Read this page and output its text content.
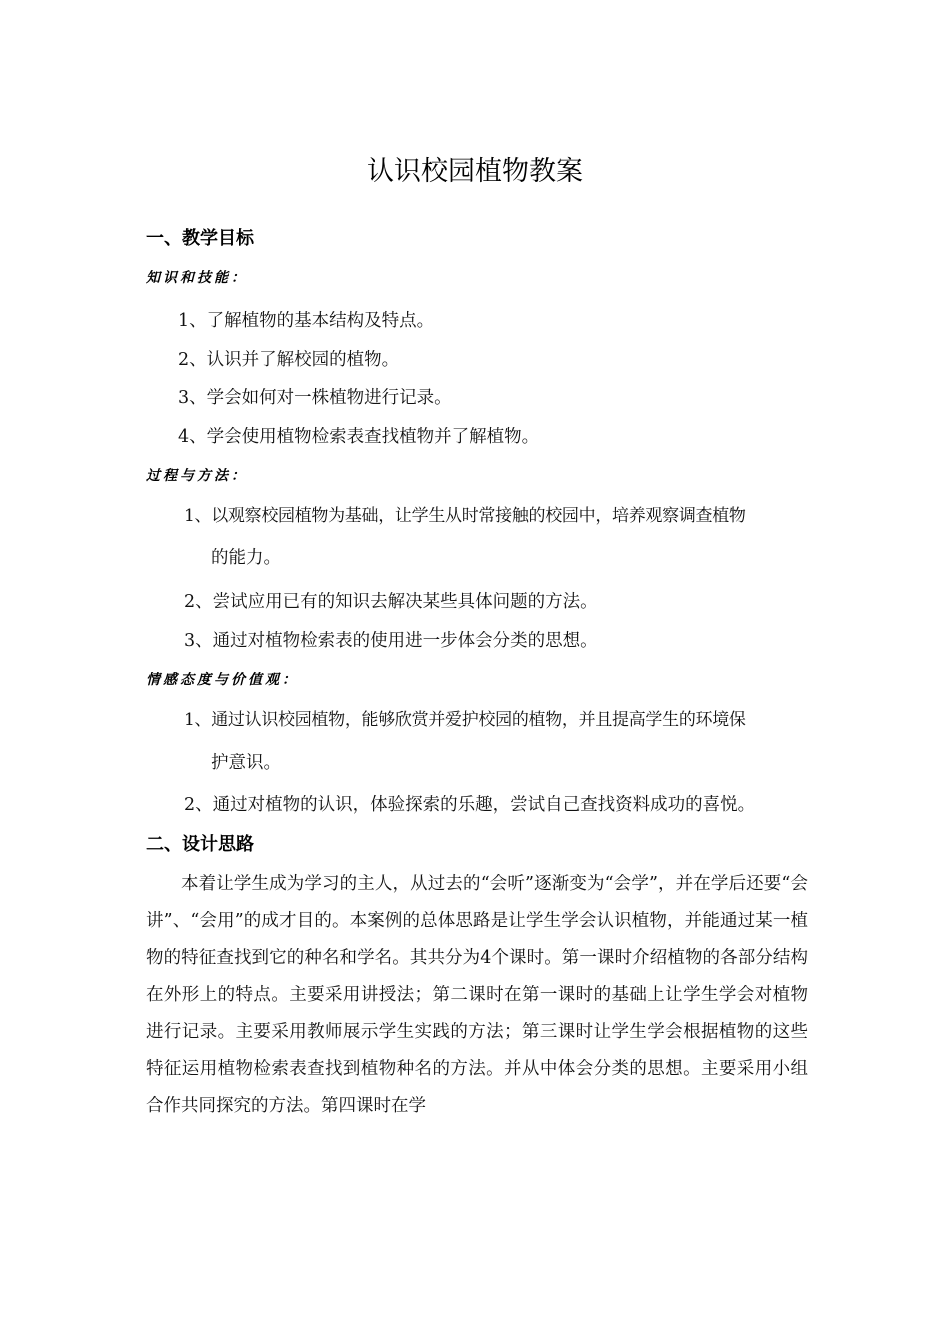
认识校园植物教案
一、教学目标
知识和技能：
1、了解植物的基本结构及特点。
2、认识并了解校园的植物。
3、学会如何对一株植物进行记录。
4、学会使用植物检索表查找植物并了解植物。
过程与方法：
1、以观察校园植物为基础，让学生从时常接触的校园中，培养观察调查植物
的能力。
2、尝试应用已有的知识去解决某些具体问题的方法。
3、通过对植物检索表的使用进一步体会分类的思想。
情感态度与价值观：
1、通过认识校园植物，能够欣赏并爱护校园的植物，并且提高学生的环境保
护意识。
2、通过对植物的认识，体验探索的乐趣，尝试自己查找资料成功的喜悦。
二、设计思路
本着让学生成为学习的主人，从过去的“会听”逐渐变为“会学”，并在学后还要“会讲”、“会用”的成才目的。本案例的总体思路是让学生学会认识植物，并能通过某一植物的特征查找到它的种名和学名。其共分为4个课时。第一课时介绍植物的各部分结构在外形上的特点。主要采用讲授法；第二课时在第一课时的基础上让学生学会对植物进行记录。主要采用教师展示学生实践的方法；第三课时让学生学会根据植物的这些特征运用植物检索表查找到植物种名的方法。并从中体会分类的思想。主要采用小组合作共同探究的方法。第四课时在学
